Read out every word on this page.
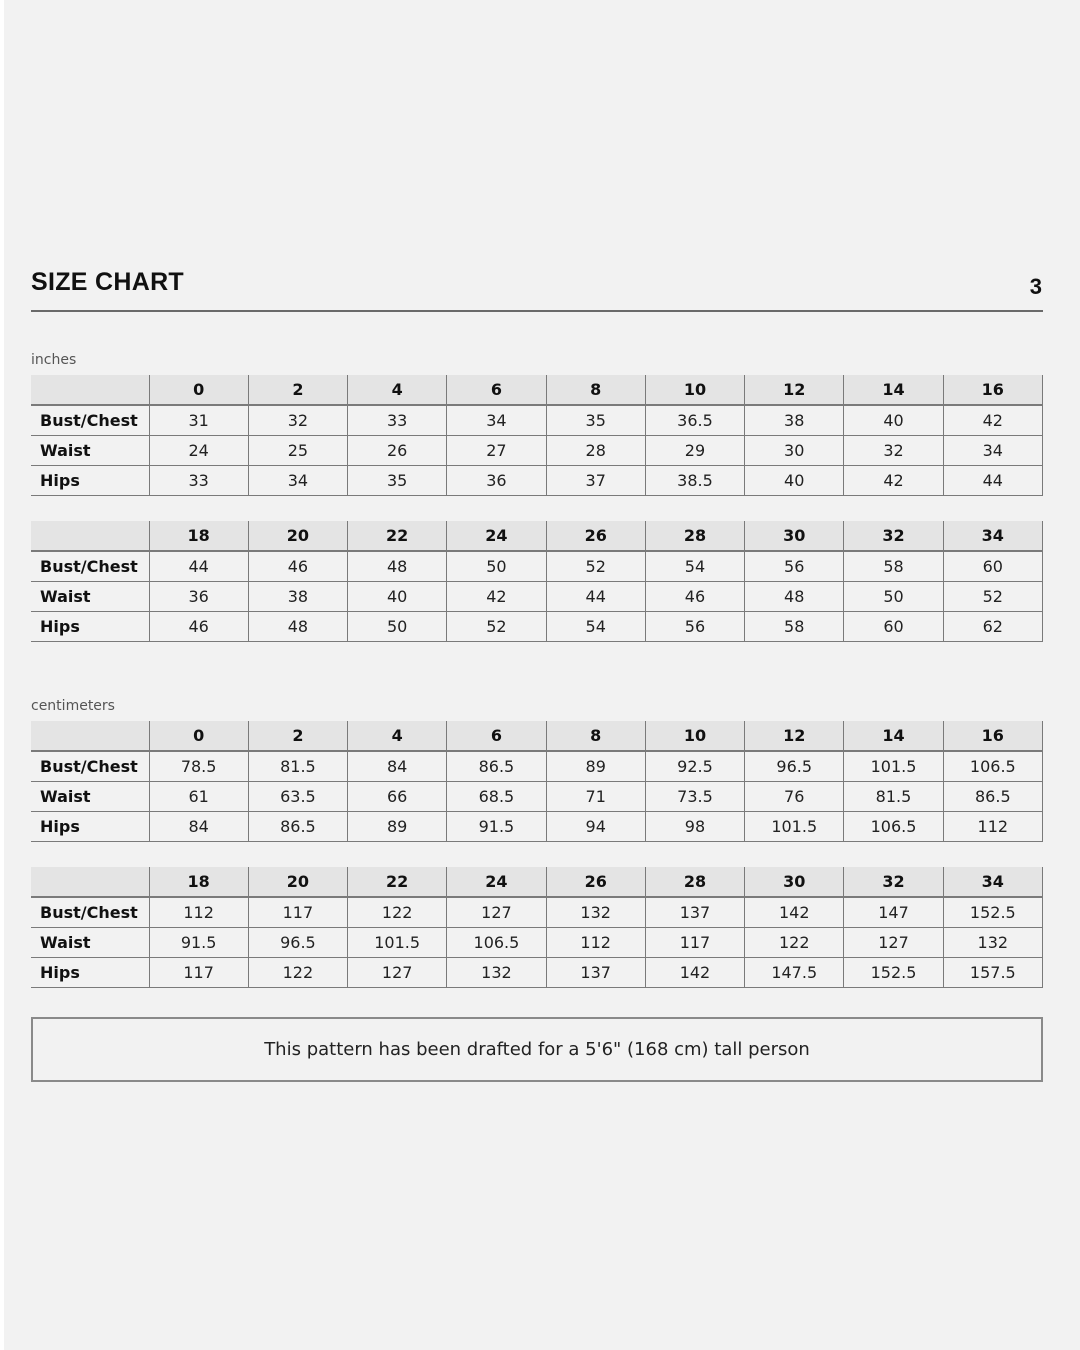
SIZE CHART	3
inches
	0	2	4	6	8	10	12	14	16
Bust/Chest	31	32	33	34	35	36.5	38	40	42
Waist	24	25	26	27	28	29	30	32	34
Hips	33	34	35	36	37	38.5	40	42	44
	18	20	22	24	26	28	30	32	34
Bust/Chest	44	46	48	50	52	54	56	58	60
Waist	36	38	40	42	44	46	48	50	52
Hips	46	48	50	52	54	56	58	60	62
centimeters
	0	2	4	6	8	10	12	14	16
Bust/Chest	78.5	81.5	84	86.5	89	92.5	96.5	101.5	106.5
Waist	61	63.5	66	68.5	71	73.5	76	81.5	86.5
Hips	84	86.5	89	91.5	94	98	101.5	106.5	112
	18	20	22	24	26	28	30	32	34
Bust/Chest	112	117	122	127	132	137	142	147	152.5
Waist	91.5	96.5	101.5	106.5	112	117	122	127	132
Hips	117	122	127	132	137	142	147.5	152.5	157.5
This pattern has been drafted for a 5'6" (168 cm) tall person
